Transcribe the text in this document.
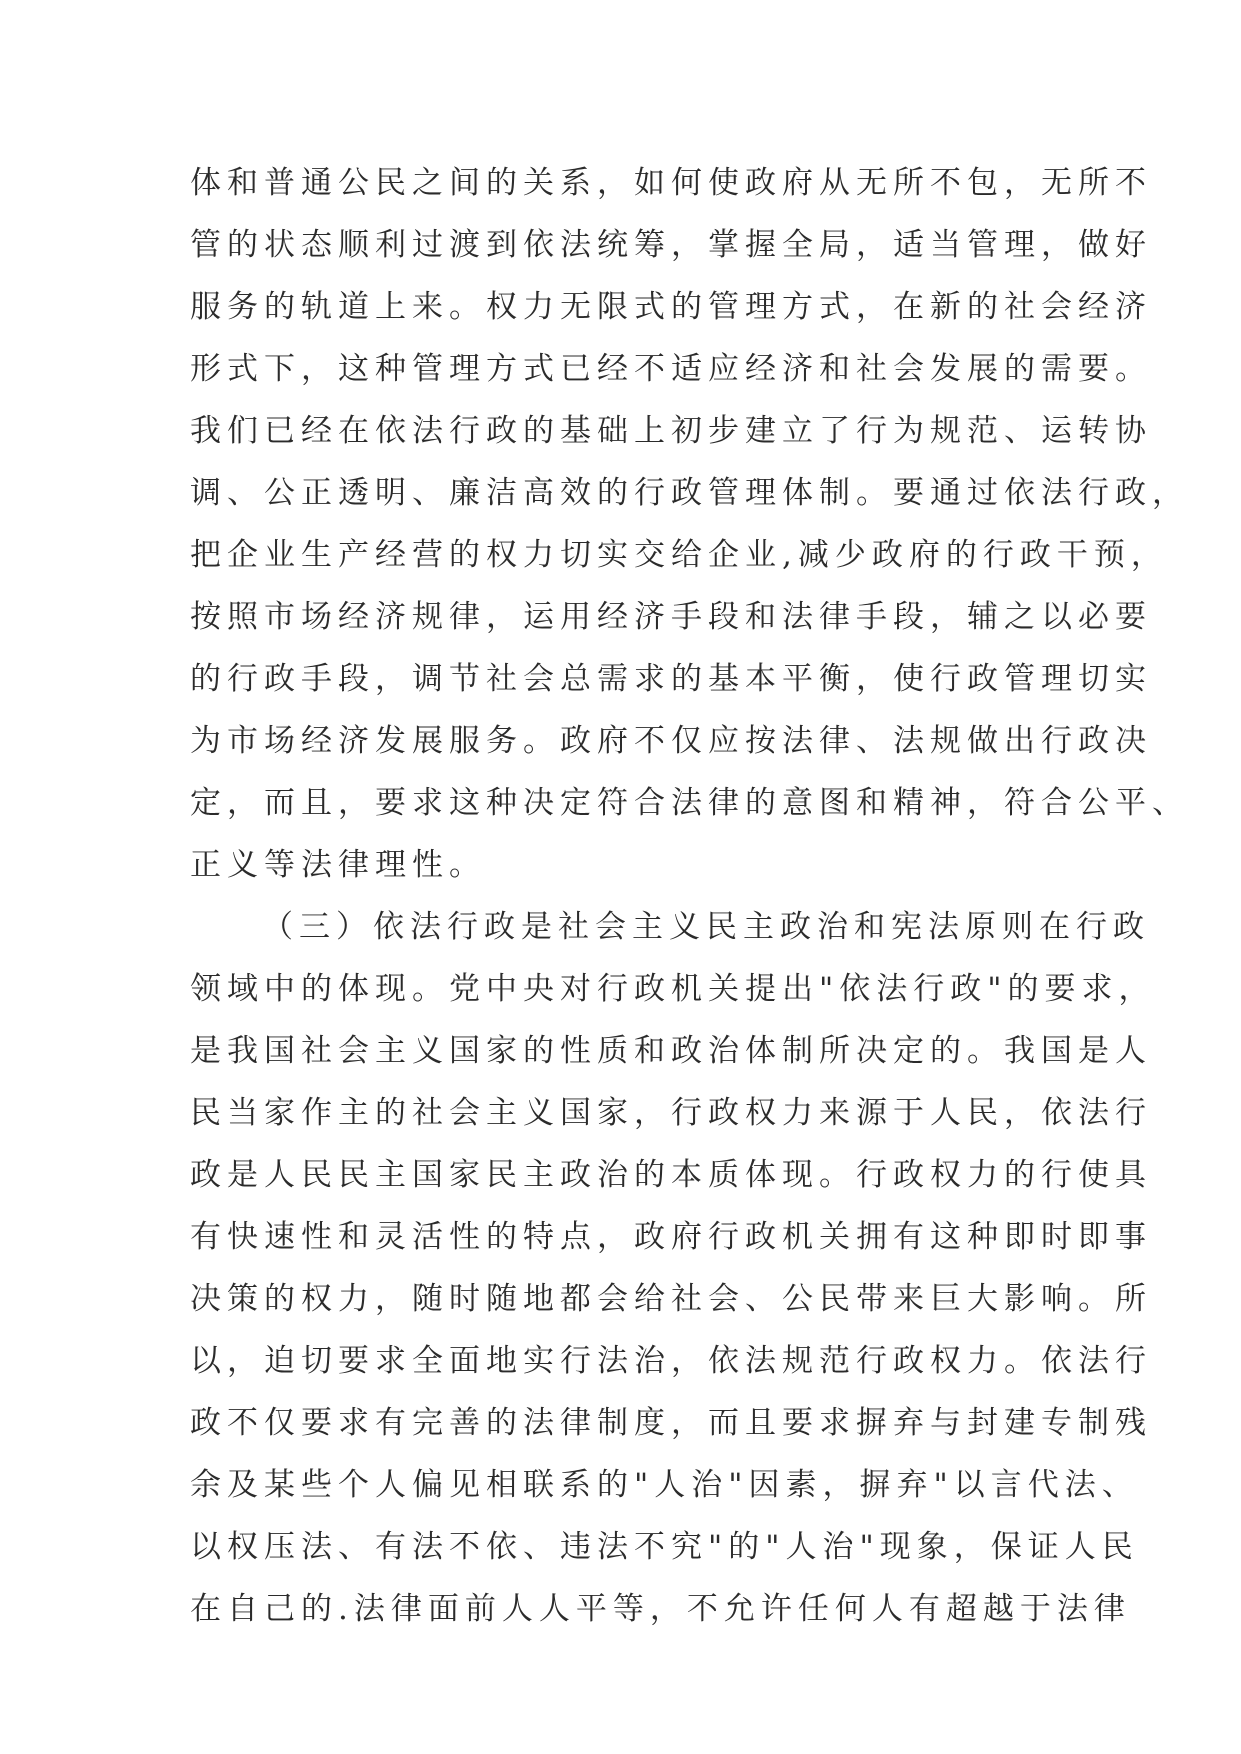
体和普通公民之间的关系，如何使政府从无所不包，无所不
管的状态顺利过渡到依法统筹，掌握全局，适当管理，做好
服务的轨道上来。权力无限式的管理方式，在新的社会经济
形式下，这种管理方式已经不适应经济和社会发展的需要。
我们已经在依法行政的基础上初步建立了行为规范、运转协
调、公正透明、廉洁高效的行政管理体制。要通过依法行政，
把企业生产经营的权力切实交给企业,减少政府的行政干预，
按照市场经济规律，运用经济手段和法律手段，辅之以必要
的行政手段，调节社会总需求的基本平衡，使行政管理切实
为市场经济发展服务。政府不仅应按法律、法规做出行政决
定，而且，要求这种决定符合法律的意图和精神，符合公平、
正义等法律理性。
（三）依法行政是社会主义民主政治和宪法原则在行政
领域中的体现。党中央对行政机关提出"依法行政"的要求，
是我国社会主义国家的性质和政治体制所决定的。我国是人
民当家作主的社会主义国家，行政权力来源于人民，依法行
政是人民民主国家民主政治的本质体现。行政权力的行使具
有快速性和灵活性的特点，政府行政机关拥有这种即时即事
决策的权力，随时随地都会给社会、公民带来巨大影响。所
以，迫切要求全面地实行法治，依法规范行政权力。依法行
政不仅要求有完善的法律制度，而且要求摒弃与封建专制残
余及某些个人偏见相联系的"人治"因素，摒弃"以言代法、
以权压法、有法不依、违法不究"的"人治"现象，保证人民
在自己的.法律面前人人平等，不允许任何人有超越于法律
